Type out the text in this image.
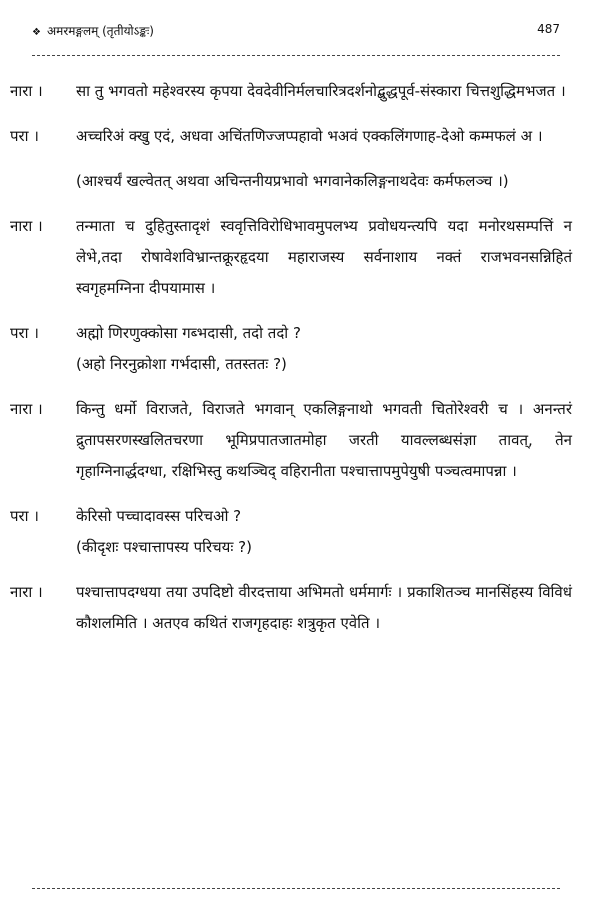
❖ अमरमङ्गलम् (तृतीयोऽङ्कः)	487
नारा । सा तु भगवतो महेश्वरस्य कृपया देवदेवीनिर्मलचारित्रदर्शनोद्बुद्धपूर्व-संस्कारा चित्तशुद्धिमभजत ।
परा । अच्चरिअं क्खु एदं, अधवा अचिंतणिज्जप्पहावो भअवं एक्कलिंगणाह-देओ कम्मफलं अ ।
(आश्चर्यं खल्वेतत् अथवा अचिन्तनीयप्रभावो भगवानेकलिङ्गनाथदेवः कर्मफलञ्च ।)
नारा । तन्माता च दुहितुस्तादृशं स्ववृत्तिविरोधिभावमुपलभ्य प्रवोधयन्त्यपि यदा मनोरथसम्पत्तिं न लेभे,तदा रोषावेशविभ्रान्तक्रूरहृदया महाराजस्य सर्वनाशाय नक्तं राजभवनसन्निहितं स्वगृहमग्निना दीपयामास ।
परा । अह्मो णिरणुक्कोसा गब्भदासी, तदो तदो ?
(अहो निरनुक्रोशा गर्भदासी, ततस्ततः ?)
नारा । किन्तु धर्मो विराजते, विराजते भगवान् एकलिङ्गनाथो भगवती चितोरेश्वरी च । अनन्तरं द्रुतापसरणस्खलितचरणा भूमिप्रपातजातमोहा जरती यावल्लब्धसंज्ञा तावत्, तेन गृहाग्निनार्द्धदग्धा, रक्षिभिस्तु कथञ्चिद् वहिरानीता पश्चात्तापमुपेयुषी पञ्चत्वमापन्ना ।
परा । केरिसो पच्चादावस्स परिचओ ?
(कीदृशः पश्चात्तापस्य परिचयः ?)
नारा । पश्चात्तापदग्धया तया उपदिष्टो वीरदत्ताया अभिमतो धर्ममार्गः । प्रकाशितञ्च मानसिंहस्य विविधं कौशलमिति । अतएव कथितं राजगृहदाहः शत्रुकृत एवेति ।
